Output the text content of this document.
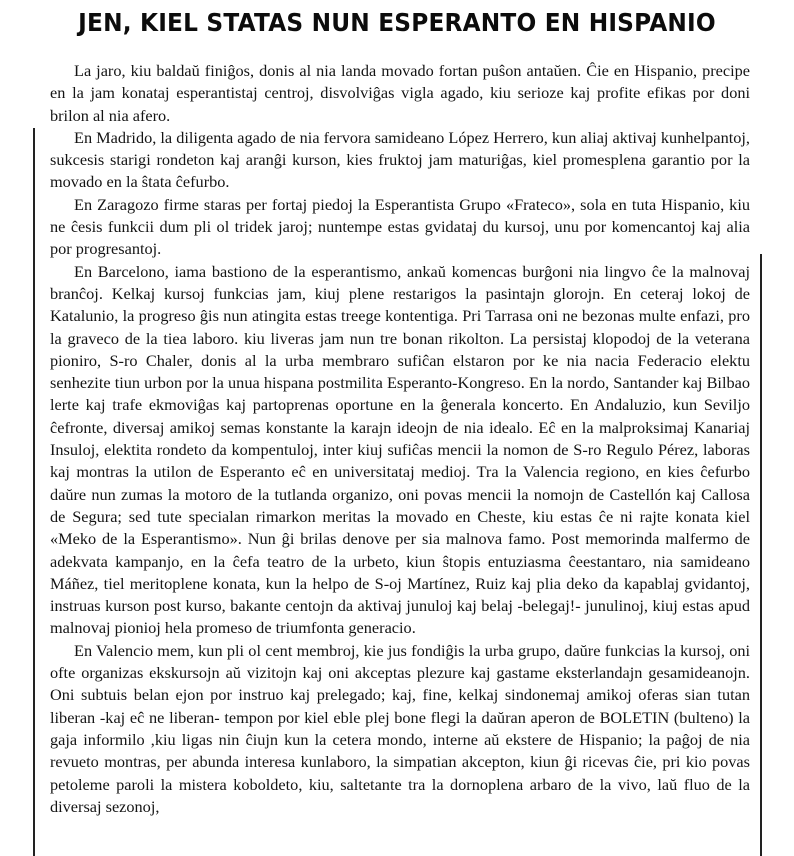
JEN, KIEL STATAS NUN ESPERANTO EN HISPANIO

La jaro, kiu baldaŭ finiĝos, donis al nia landa movado fortan puŝon antaŭen. Ĉie en Hispanio, precipe en la jam konataj esperantistaj centroj, disvolviĝas vigla agado, kiu serioze kaj profite efikas por doni brilon al nia afero.

En Madrido, la diligenta agado de nia fervora samideano López Herrero, kun aliaj aktivaj kunhelpantoj, sukcesis starigi rondeton kaj aranĝi kurson, kies fruktoj jam maturiĝas, kiel promesplena garantio por la movado en la ŝtata ĉefurbo.

En Zaragozo firme staras per fortaj piedoj la Esperantista Grupo «Frateco», sola en tuta Hispanio, kiu ne ĉesis funkcii dum pli ol tridek jaroj; nuntempe estas gvidataj du kursoj, unu por komencantoj kaj alia por progresantoj.

En Barcelono, iama bastiono de la esperantismo, ankaŭ komencas burĝoni nia lingvo ĉe la malnovaj branĉoj. Kelkaj kursoj funkcias jam, kiuj plene restarigos la pasintajn glorojn. En ceteraj lokoj de Katalunio, la progreso ĝis nun atingita estas treege kontentiga. Pri Tarrasa oni ne bezonas multe enfazi, pro la graveco de la tiea laboro. kiu liveras jam nun tre bonan rikolton. La persistaj klopodoj de la veterana pioniro, S-ro Chaler, donis al la urba membraro sufiĉan elstaron por ke nia nacia Federacio elektu senhezite tiun urbon por la unua hispana postmilita Esperanto-Kongreso. En la nordo, Santander kaj Bilbao lerte kaj trafe ekmoviĝas kaj partoprenas oportune en la ĝenerala koncerto. En Andaluzio, kun Seviljo ĉefronte, diversaj amikoj semas konstante la karajn ideojn de nia idealo. Eĉ en la malproksimaj Kanariaj Insuloj, elektita rondeto da kompentuloj, inter kiuj sufiĉas mencii la nomon de S-ro Regulo Pérez, laboras kaj montras la utilon de Esperanto eĉ en universitataj medioj. Tra la Valencia regiono, en kies ĉefurbo daŭre nun zumas la motoro de la tutlanda organizo, oni povas mencii la nomojn de Castellón kaj Callosa de Segura; sed tute specialan rimarkon meritas la movado en Cheste, kiu estas ĉe ni rajte konata kiel «Meko de la Esperantismo». Nun ĝi brilas denove per sia malnova famo. Post memorinda malfermo de adekvata kampanjo, en la ĉefa teatro de la urbeto, kiun ŝtopis entuziasma ĉeestantaro, nia samideano Máñez, tiel meritoplene konata, kun la helpo de S-oj Martínez, Ruiz kaj plia deko da kapablaj gvidantoj, instruas kurson post kurso, bakante centojn da aktivaj junuloj kaj belaj -belegaj!- junulinoj, kiuj estas apud malnovaj pionioj hela promeso de triumfonta generacio.

En Valencio mem, kun pli ol cent membroj, kie jus fondiĝis la urba grupo, daŭre funkcias la kursoj, oni ofte organizas ekskursojn aŭ vizitojn kaj oni akceptas plezure kaj gastame eksterlandajn gesamideanojn. Oni subtuis belan ejon por instruo kaj prelegado; kaj, fine, kelkaj sindonemaj amikoj oferas sian tutan liberan -kaj eĉ ne liberan- tempon por kiel eble plej bone flegi la daŭran aperon de BOLETIN (bulteno) la gaja informilo ,kiu ligas nin ĉiujn kun la cetera mondo, interne aŭ ekstere de Hispanio; la paĝoj de nia revueto montras, per abunda interesa kunlaboro, la simpatian akcepton, kiun ĝi ricevas ĉie, pri kio povas petoleme paroli la mistera koboldeto, kiu, saltetante tra la dornoplena arbaro de la vivo, laŭ fluo de la diversaj sezonoj,
